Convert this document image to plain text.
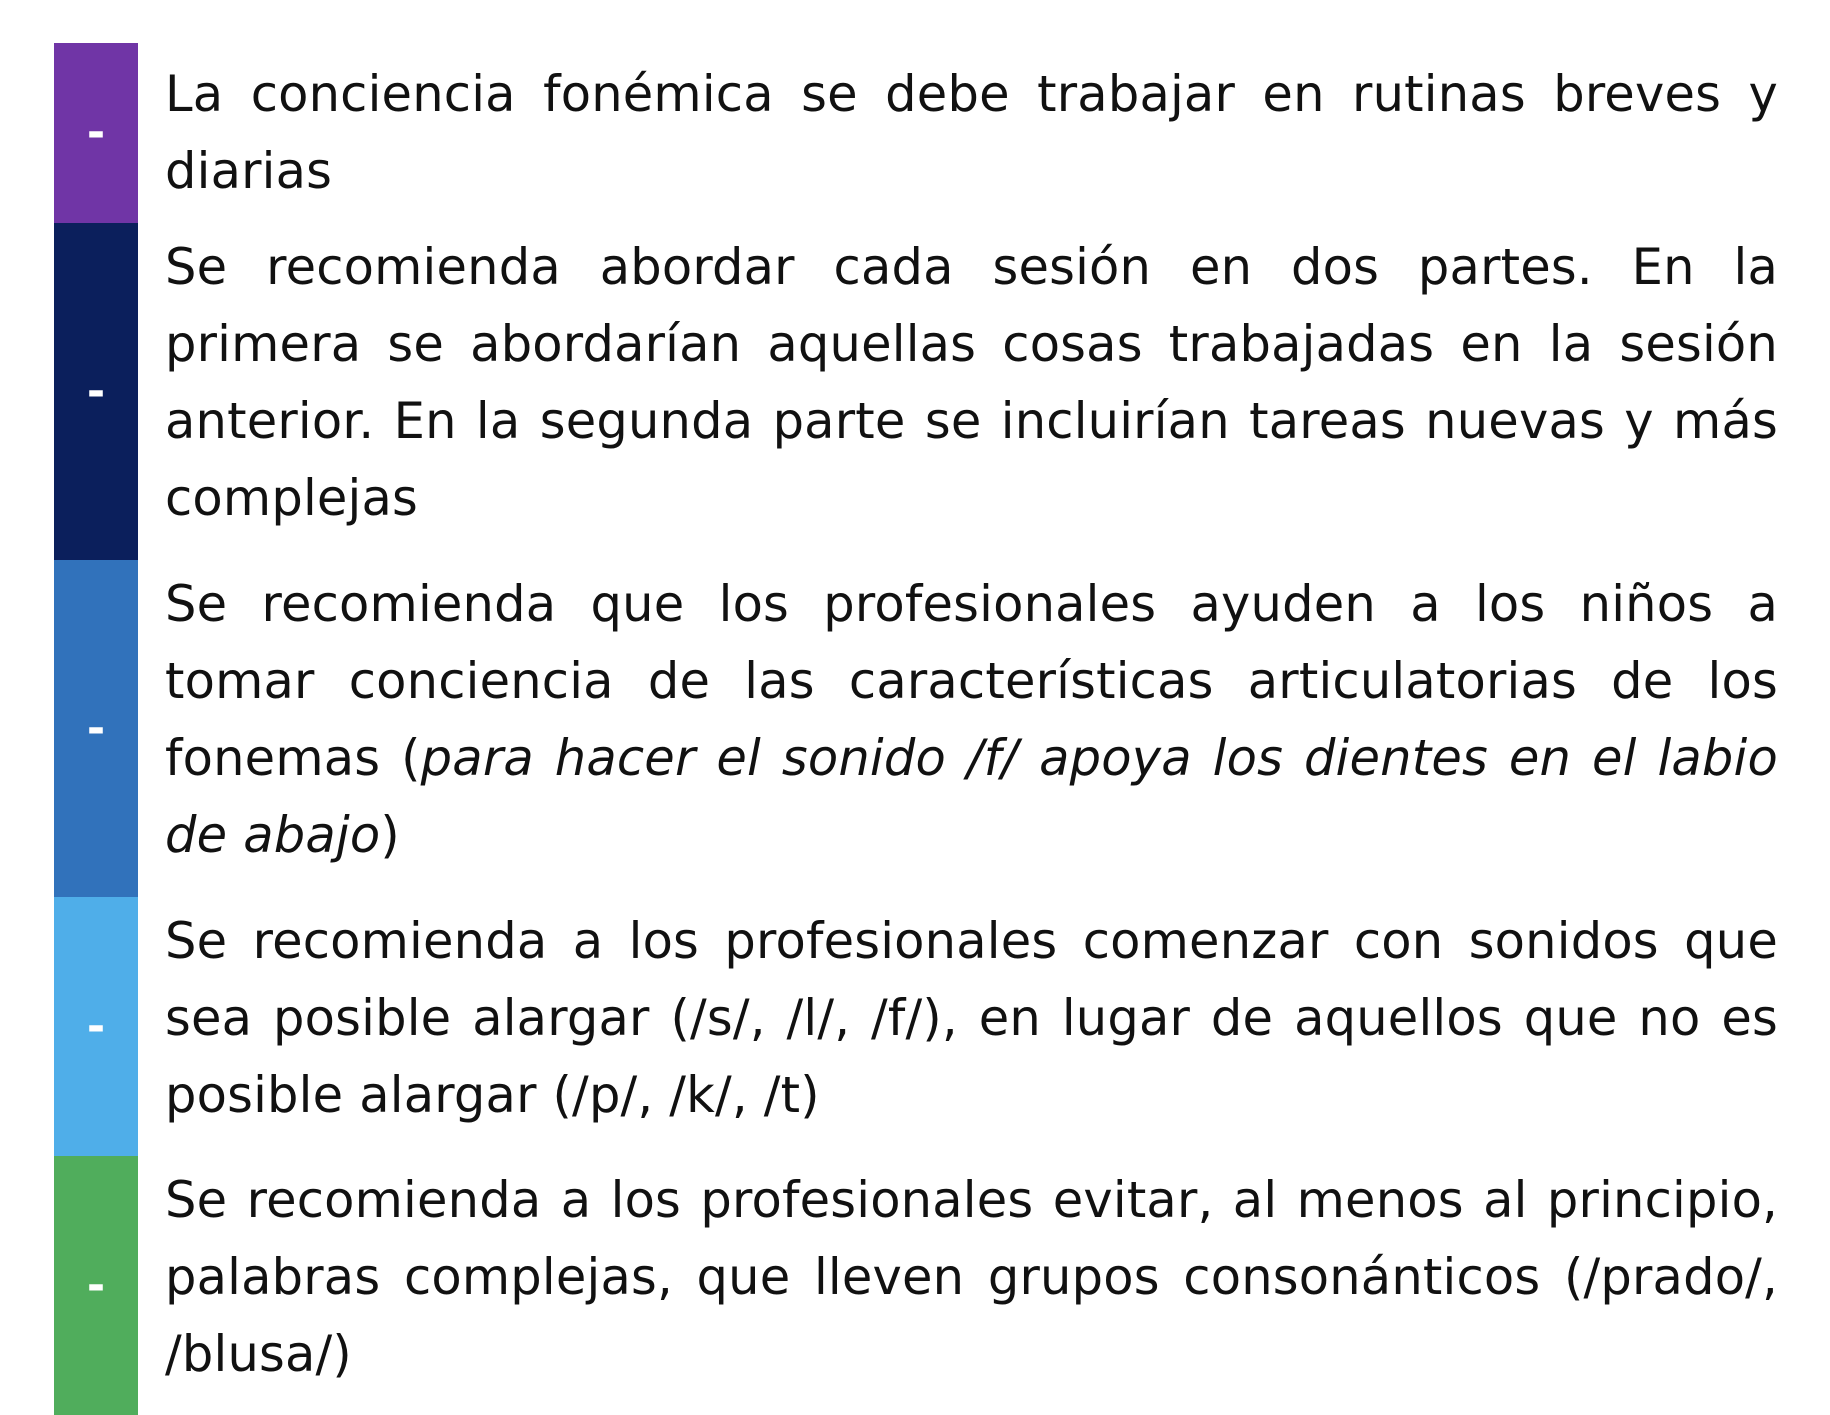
-
La conciencia fonémica se debe trabajar en rutinas breves y diarias
-
Se recomienda abordar cada sesión en dos partes. En la primera se abordarían aquellas cosas trabajadas en la sesión anterior. En la segunda parte se incluirían tareas nuevas y más complejas
-
Se recomienda que los profesionales ayuden a los niños a tomar conciencia de las características articulatorias de los fonemas (para hacer el sonido /f/ apoya los dientes en el labio de abajo)
-
Se recomienda a los profesionales comenzar con sonidos que sea posible alargar (/s/, /l/, /f/), en lugar de aquellos que no es posible alargar (/p/, /k/, /t)
-
Se recomienda a los profesionales evitar, al menos al principio, palabras complejas, que lleven grupos consonánticos (/prado/, /blusa/)
